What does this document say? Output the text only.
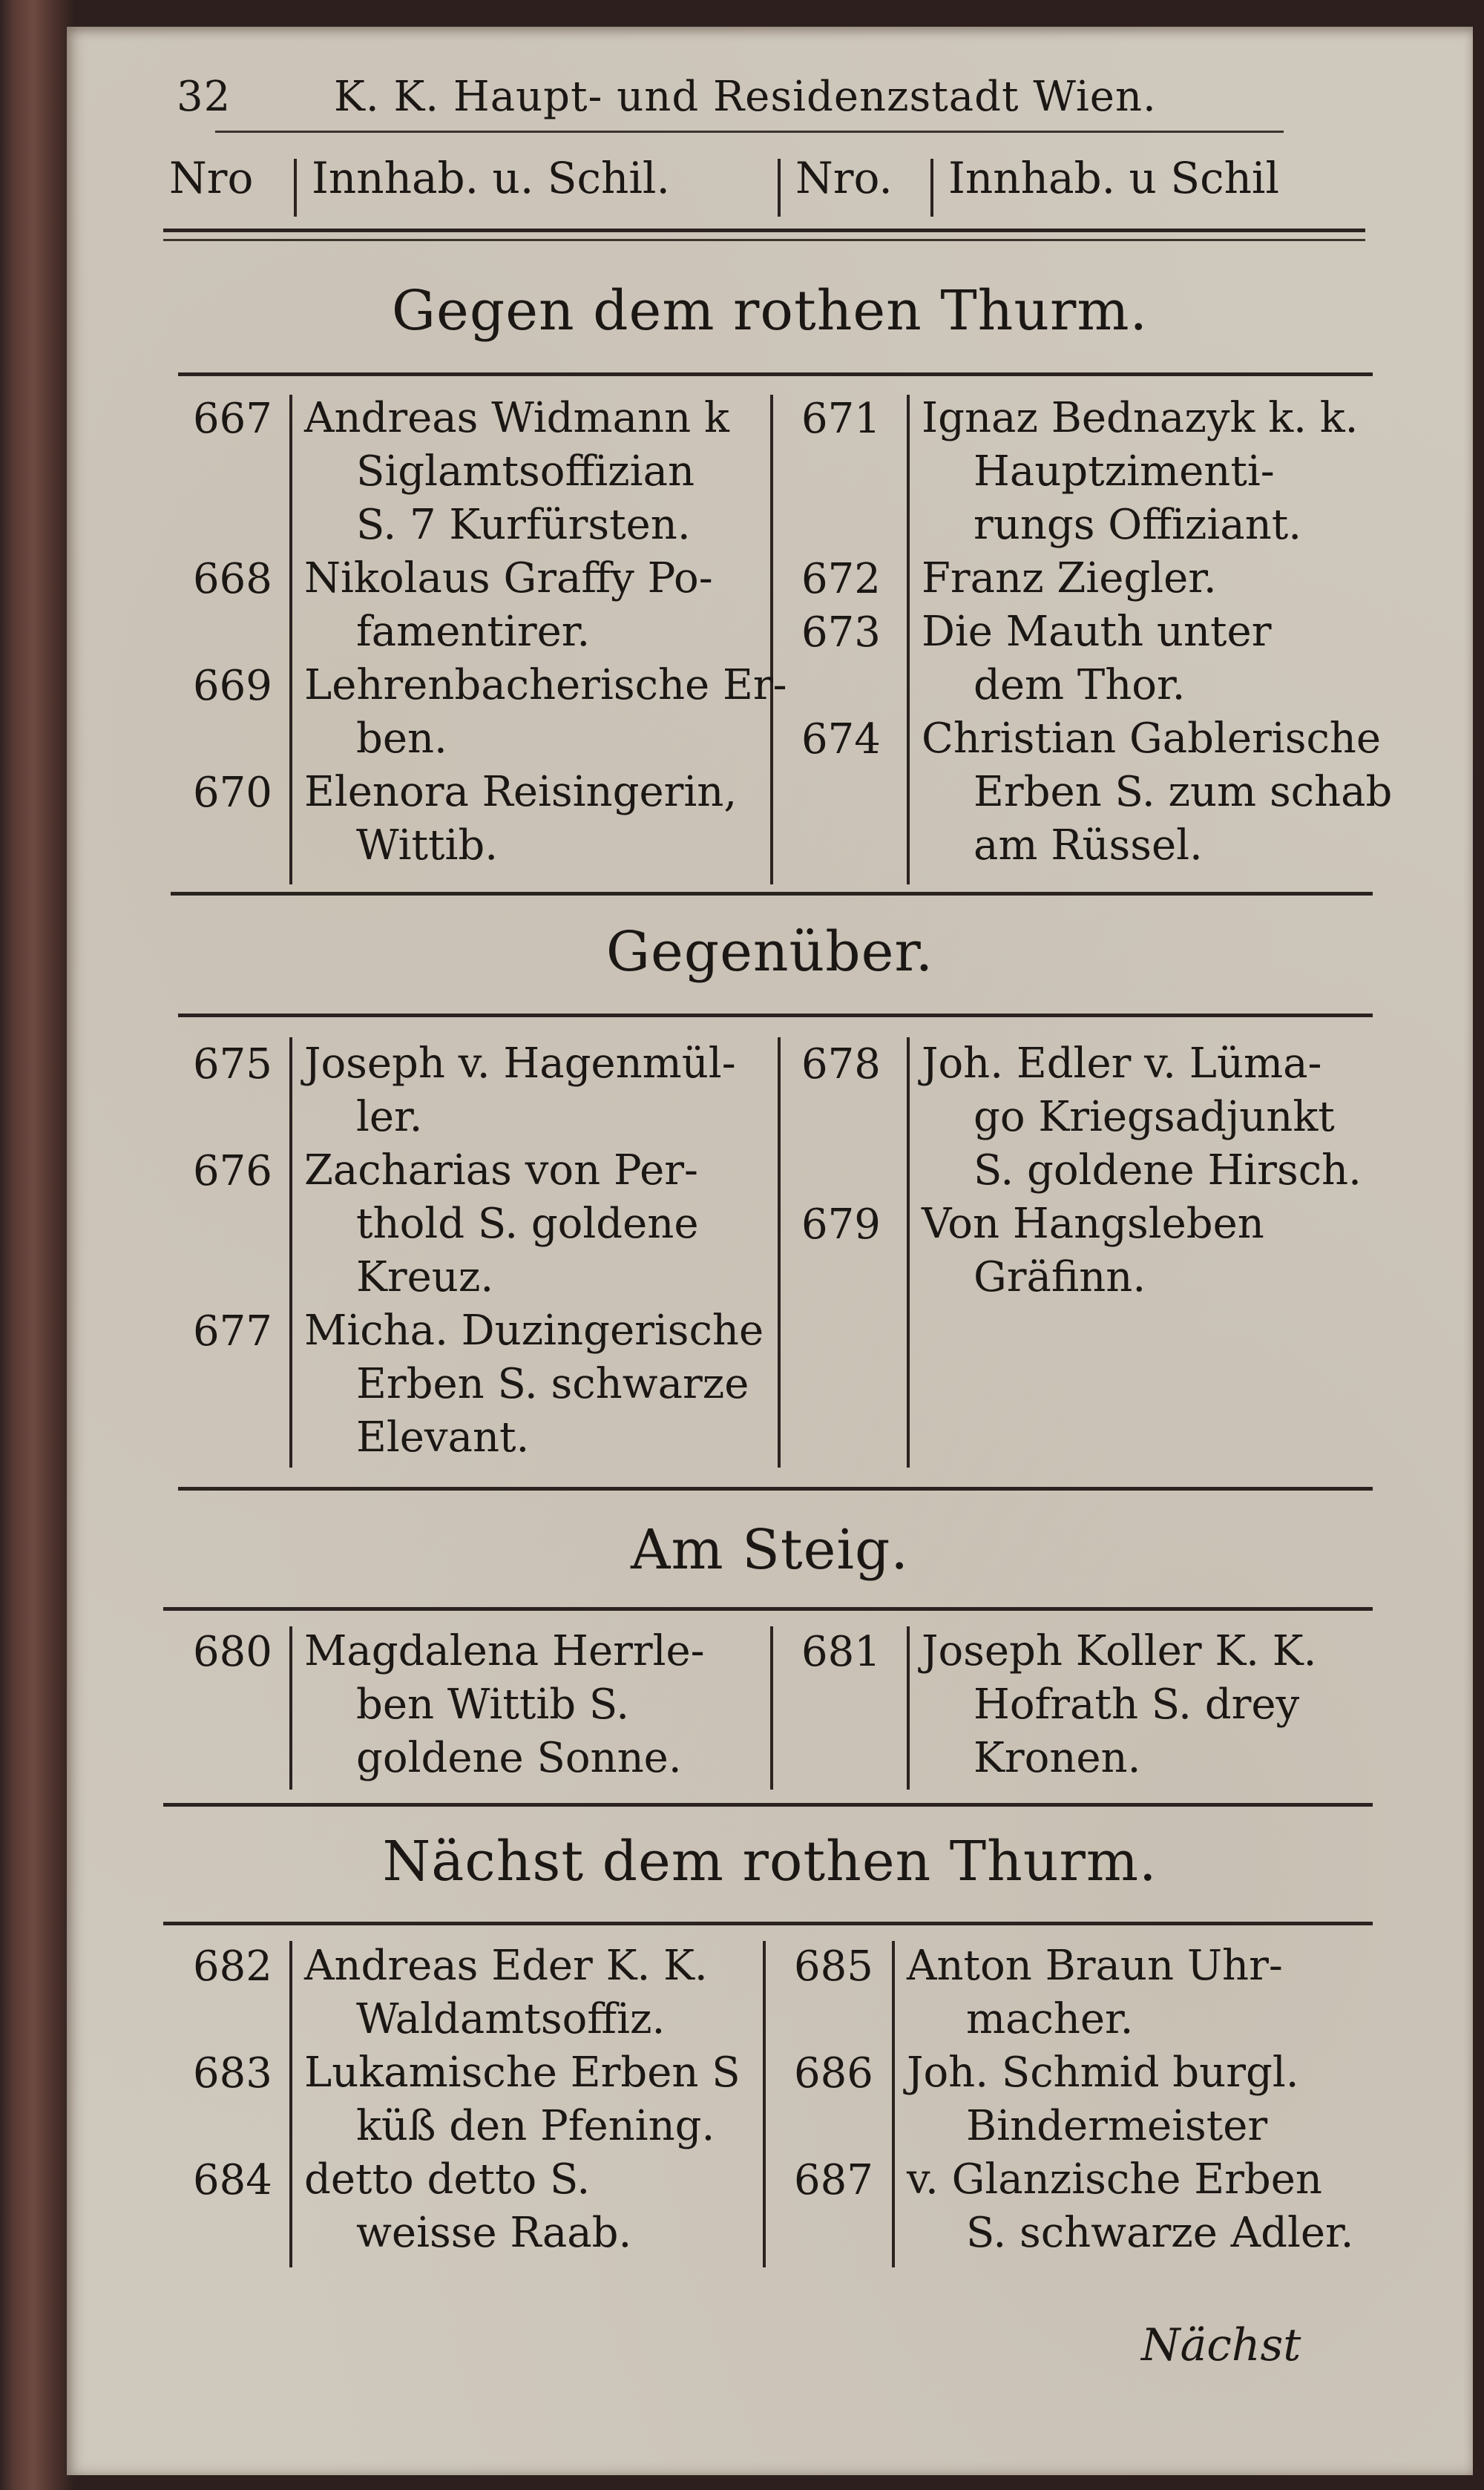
32 K. K. Haupt- und Residenzstadt Wien.
Nro Innhab. u. Schil.	Nro. Innhab. u Schil
Gegen dem rothen Thurm.
667 Andreas Widmann k
Siglamtsoffizian
S. 7 Kurfürsten.
668 Nikolaus Graffy Po-
famentirer.
669 Lehrenbacherische Er-
ben.
670 Elenora Reisingerin,
Wittib.
671 Ignaz Bednazyk k. k.
Hauptzimenti-
rungs Offiziant.
672 Franz Ziegler.
673 Die Mauth unter
dem Thor.
674 Christian Gablerische
Erben S. zum schab
am Rüssel.
Gegenüber.
675 Joseph v. Hagenmül-
ler.
676 Zacharias von Per-
thold S. goldene
Kreuz.
677 Micha. Duzingerische
Erben S. schwarze
Elevant.
678 Joh. Edler v. Lüma-
go Kriegsadjunkt
S. goldene Hirsch.
679 Von Hangsleben
Gräfinn.
Am Steig.
680 Magdalena Herrle-
ben Wittib S.
goldene Sonne.
681 Joseph Koller K. K.
Hofrath S. drey
Kronen.
Nächst dem rothen Thurm.
682 Andreas Eder K. K.
Waldamtsoffiz.
683 Lukamische Erben S
küß den Pfening.
684 detto detto S.
weisse Raab.
685 Anton Braun Uhr-
macher.
686 Joh. Schmid burgl.
Bindermeister
687 v. Glanzische Erben
S. schwarze Adler.
Nächst
